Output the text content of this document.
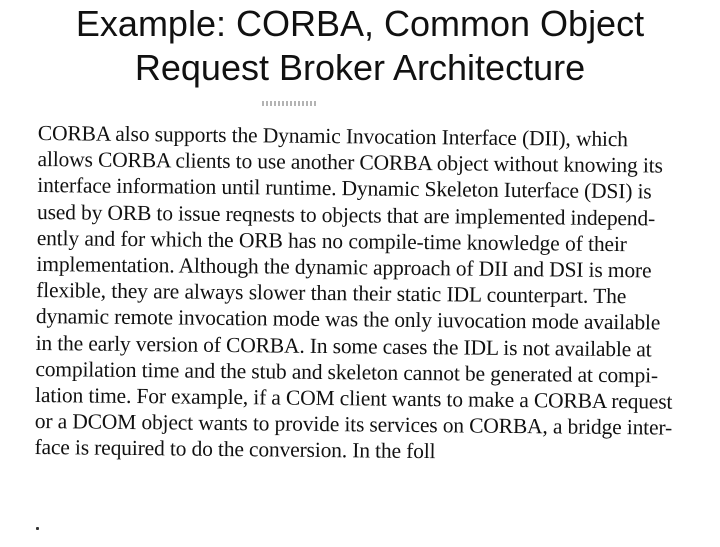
Example: CORBA, Common Object
Request Broker Architecture
CORBA also supports the Dynamic Invocation Interface (DII), which
allows CORBA clients to use another CORBA object without knowing its
interface information until runtime. Dynamic Skeleton Iuterface (DSI) is
used by ORB to issue reqnests to objects that are implemented independ-
ently and for which the ORB has no compile-time knowledge of their
implementation. Although the dynamic approach of DII and DSI is more
flexible, they are always slower than their static IDL counterpart. The
dynamic remote invocation mode was the only iuvocation mode available
in the early version of CORBA. In some cases the IDL is not available at
compilation time and the stub and skeleton cannot be generated at compi-
lation time. For example, if a COM client wants to make a CORBA request
or a DCOM object wants to provide its services on CORBA, a bridge inter-
face is required to do the conversion. In the foll
